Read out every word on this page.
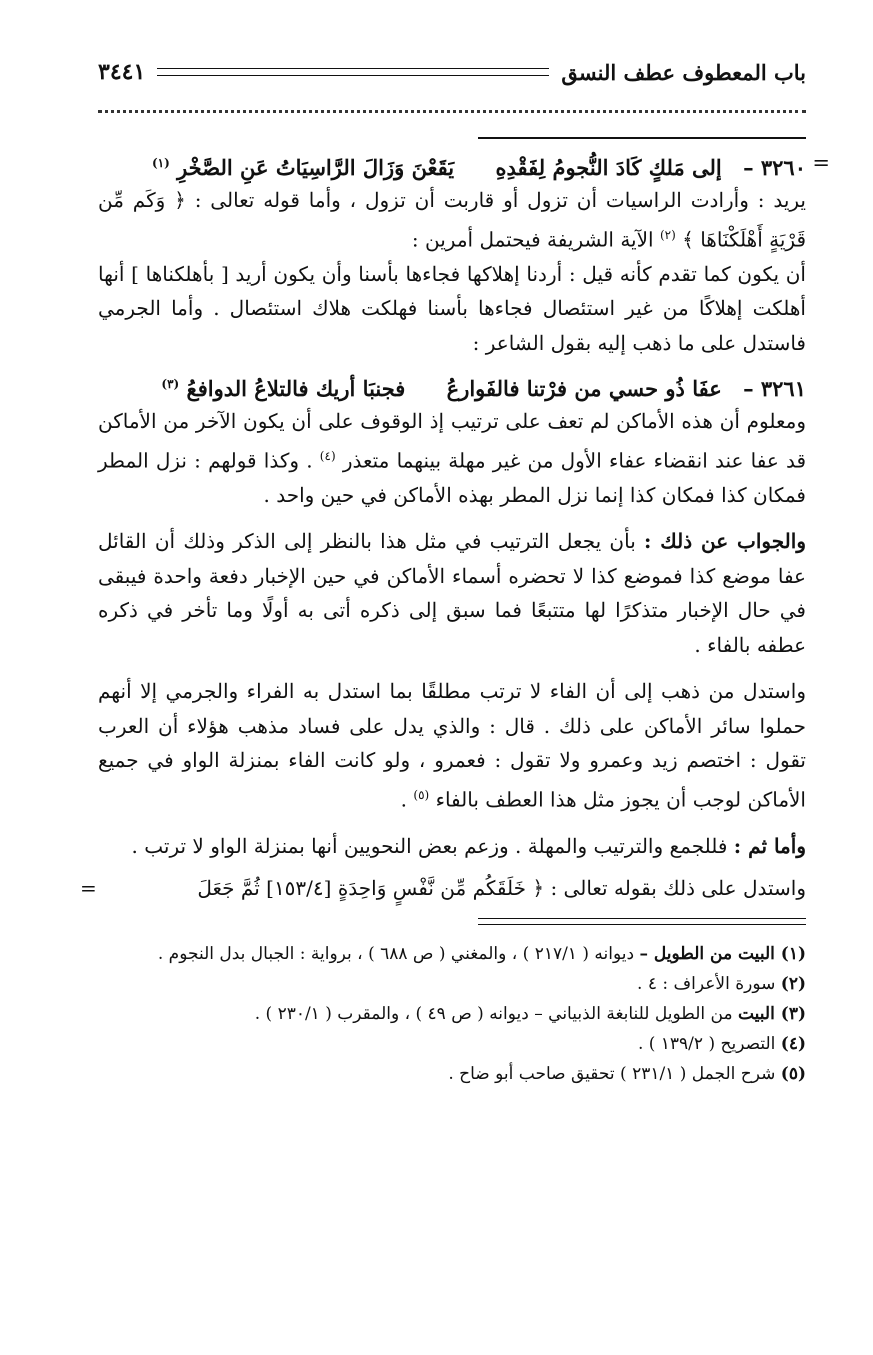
باب المعطوف عطف النسق
٣٤٤١
=
٣٢٦٠ – إلى مَلكٍ كَادَ النُّجومُ لِفَقْدِهِ يَقَعْنَ وَزَالَ الرَّاسِيَاتُ عَنِ الصَّخْرِ $^{(١)}$

يريد : وأرادت الراسيات أن تزول أو قاربت أن تزول ، وأما قوله تعالى : ﴿ وَكَم مِّن قَرْيَةٍ أَهْلَكْنَاهَا ﴾ $^{(٢)}$ الآية الشريفة فيحتمل أمرين :

أن يكون كما تقدم كأنه قيل : أردنا إهلاكها فجاءها بأسنا وأن يكون أريد [ بأهلكناها ] أنها أهلكت إهلاكًا من غير استئصال فجاءها بأسنا فهلكت هلاك استئصال . وأما الجرمي فاستدل على ما ذهب إليه بقول الشاعر :

٣٢٦١ – عفَا ذُو حسي من فرْتنا فالفَوارعُ فجنبَا أريك فالتلاعُ الدوافعُ $^{(٣)}$

ومعلوم أن هذه الأماكن لم تعف على ترتيب إذ الوقوف على أن يكون الآخر من الأماكن قد عفا عند انقضاء عفاء الأول من غير مهلة بينهما متعذر $^{(٤)}$ . وكذا قولهم : نزل المطر فمكان كذا فمكان كذا إنما نزل المطر بهذه الأماكن في حين واحد .

والجواب عن ذلك : بأن يجعل الترتيب في مثل هذا بالنظر إلى الذكر وذلك أن القائل عفا موضع كذا فموضع كذا لا تحضره أسماء الأماكن في حين الإخبار دفعة واحدة فيبقى في حال الإخبار متذكرًا لها متتبعًا فما سبق إلى ذكره أتى به أولًا وما تأخر في ذكره عطفه بالفاء .

واستدل من ذهب إلى أن الفاء لا ترتب مطلقًا بما استدل به الفراء والجرمي إلا أنهم حملوا سائر الأماكن على ذلك . قال : والذي يدل على فساد مذهب هؤلاء أن العرب تقول : اختصم زيد وعمرو ولا تقول : فعمرو ، ولو كانت الفاء بمنزلة الواو في جميع الأماكن لوجب أن يجوز مثل هذا العطف بالفاء $^{(٥)}$ .

وأما ثم : فللجمع والترتيب والمهلة . وزعم بعض النحويين أنها بمنزلة الواو لا ترتب .

واستدل على ذلك بقوله تعالى : ﴿ خَلَقَكُم مِّن نَّفْسٍ وَاحِدَةٍ [١٥٣/٤] ثُمَّ جَعَلَ
=
(١) البيت من الطويل – ديوانه ( ٢١٧/١ ) ، والمغني ( ص ٦٨٨ ) ، برواية : الجبال بدل النجوم .
(٢) سورة الأعراف : ٤ .
(٣) البيت من الطويل للنابغة الذبياني – ديوانه ( ص ٤٩ ) ، والمقرب ( ٢٣٠/١ ) .
(٤) التصريح ( ١٣٩/٢ ) .
(٥) شرح الجمل ( ٢٣١/١ ) تحقيق صاحب أبو ضاح .
